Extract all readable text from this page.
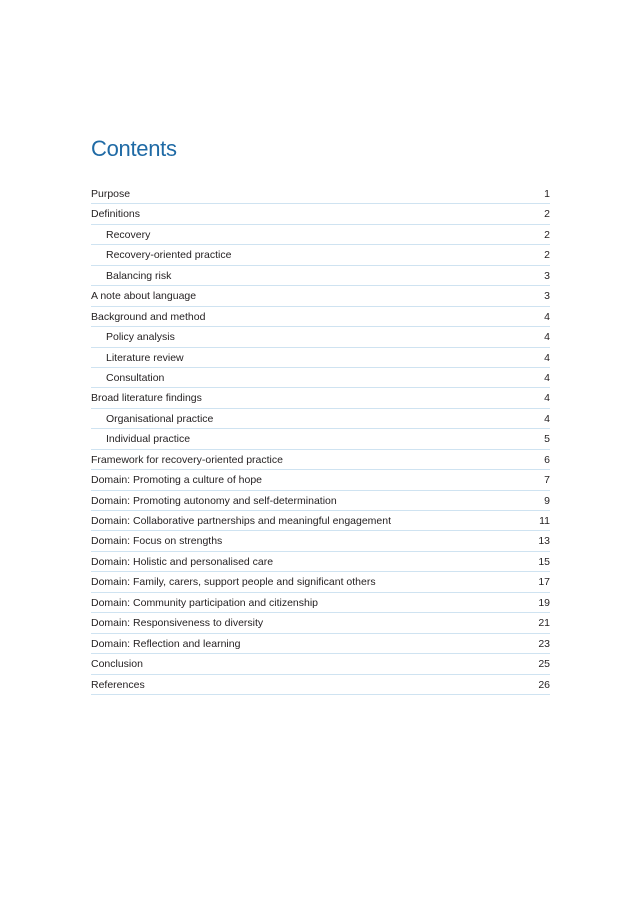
Contents
Purpose	1
Definitions	2
Recovery	2
Recovery-oriented practice	2
Balancing risk	3
A note about language	3
Background and method	4
Policy analysis	4
Literature review	4
Consultation	4
Broad literature findings	4
Organisational practice	4
Individual practice	5
Framework for recovery-oriented practice	6
Domain: Promoting a culture of hope	7
Domain: Promoting autonomy and self-determination	9
Domain: Collaborative partnerships and meaningful engagement	11
Domain: Focus on strengths	13
Domain: Holistic and personalised care	15
Domain: Family, carers, support people and significant others	17
Domain: Community participation and citizenship	19
Domain: Responsiveness to diversity	21
Domain: Reflection and learning	23
Conclusion	25
References	26
